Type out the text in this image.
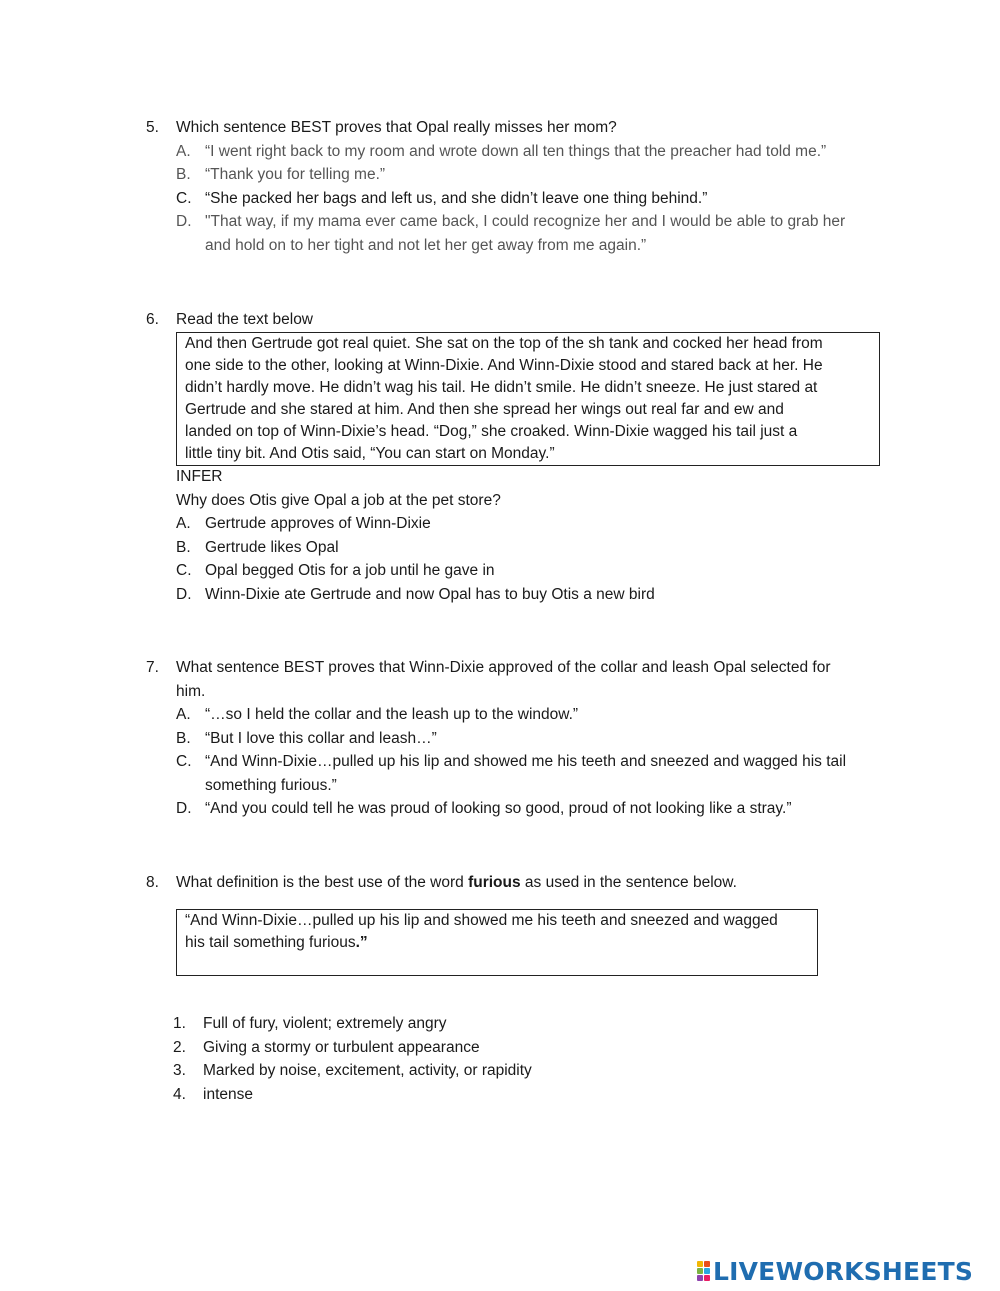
5. Which sentence BEST proves that Opal really misses her mom?
A. “I went right back to my room and wrote down all ten things that the preacher had told me.”
B. “Thank you for telling me.”
C. “She packed her bags and left us, and she didn’t leave one thing behind.”
D. "That way, if my mama ever came back, I could recognize her and I would be able to grab her
and hold on to her tight and not let her get away from me again.”
6. Read the text below
And then Gertrude got real quiet. She sat on the top of the sh tank and cocked her head from
one side to the other, looking at Winn-Dixie. And Winn-Dixie stood and stared back at her. He
didn’t hardly move. He didn’t wag his tail. He didn’t smile. He didn’t sneeze. He just stared at
Gertrude and she stared at him. And then she spread her wings out real far and ew and
landed on top of Winn-Dixie’s head. “Dog,” she croaked. Winn-Dixie wagged his tail just a
little tiny bit. And Otis said, “You can start on Monday.”
INFER
Why does Otis give Opal a job at the pet store?
A. Gertrude approves of Winn-Dixie
B. Gertrude likes Opal
C. Opal begged Otis for a job until he gave in
D. Winn-Dixie ate Gertrude and now Opal has to buy Otis a new bird
7. What sentence BEST proves that Winn-Dixie approved of the collar and leash Opal selected for
him.
A. “…so I held the collar and the leash up to the window.”
B. “But I love this collar and leash…”
C. “And Winn-Dixie…pulled up his lip and showed me his teeth and sneezed and wagged his tail
something furious.”
D. “And you could tell he was proud of looking so good, proud of not looking like a stray.”
8. What definition is the best use of the word furious as used in the sentence below.
“And Winn-Dixie…pulled up his lip and showed me his teeth and sneezed and wagged
his tail something furious.”
1. Full of fury, violent; extremely angry
2. Giving a stormy or turbulent appearance
3. Marked by noise, excitement, activity, or rapidity
4. intense
LIVEWORKSHEETS
